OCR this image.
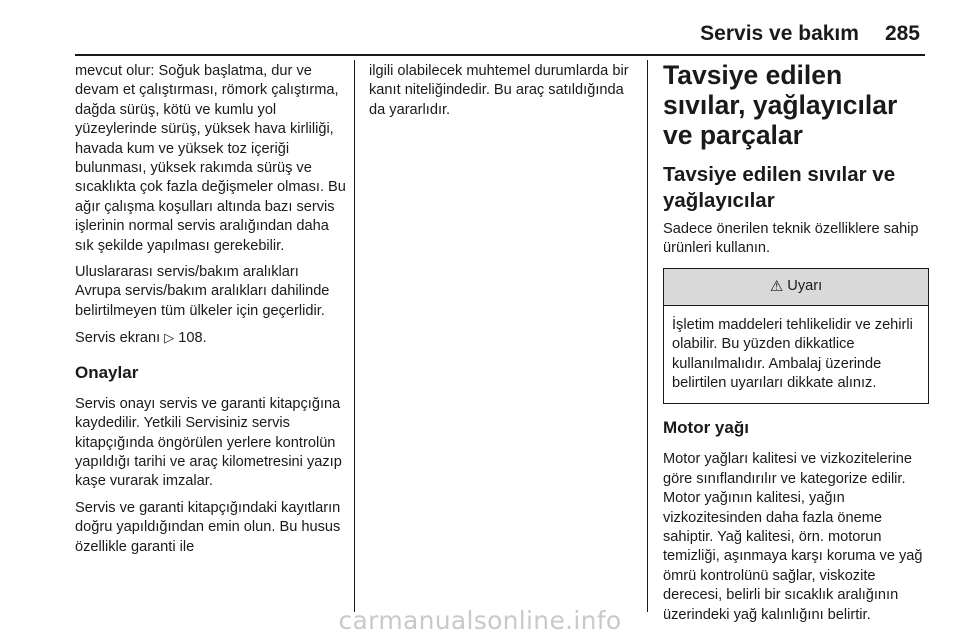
Servis ve bakım 285

mevcut olur: Soğuk başlatma, dur ve devam et çalıştırması, römork çalıştırma, dağda sürüş, kötü ve kumlu yol yüzeylerinde sürüş, yüksek hava kirliliği, havada kum ve yüksek toz içeriği bulunması, yüksek rakımda sürüş ve sıcaklıkta çok fazla değişmeler olması. Bu ağır çalışma koşulları altında bazı servis işlerinin normal servis aralığından daha sık şekilde yapılması gerekebilir.

Uluslararası servis/bakım aralıkları Avrupa servis/bakım aralıkları dahilinde belirtilmeyen tüm ülkeler için geçerlidir.

Servis ekranı ▷ 108.

Onaylar

Servis onayı servis ve garanti kitapçığına kaydedilir. Yetkili Servisiniz servis kitapçığında öngörülen yerlere kontrolün yapıldığı tarihi ve araç kilometresini yazıp kaşe vurarak imzalar.

Servis ve garanti kitapçığındaki kayıtların doğru yapıldığından emin olun. Bu husus özellikle garanti ile

ilgili olabilecek muhtemel durumlarda bir kanıt niteliğindedir. Bu araç satıldığında da yararlıdır.

Tavsiye edilen sıvılar, yağlayıcılar ve parçalar
Tavsiye edilen sıvılar ve yağlayıcılar

Sadece önerilen teknik özelliklere sahip ürünleri kullanın.

⚠ Uyarı
İşletim maddeleri tehlikelidir ve zehirli olabilir. Bu yüzden dikkatlice kullanılmalıdır. Ambalaj üzerinde belirtilen uyarıları dikkate alınız.
Motor yağı

Motor yağları kalitesi ve vizkozitelerine göre sınıflandırılır ve kategorize edilir. Motor yağının kalitesi, yağın vizkozitesinden daha fazla öneme sahiptir. Yağ kalitesi, örn. motorun temizliği, aşınmaya karşı koruma ve yağ ömrü kontrolünü sağlar, viskozite derecesi, belirli bir sıcaklık aralığının üzerindeki yağ kalınlığını belirtir.

carmanualsonline.info
